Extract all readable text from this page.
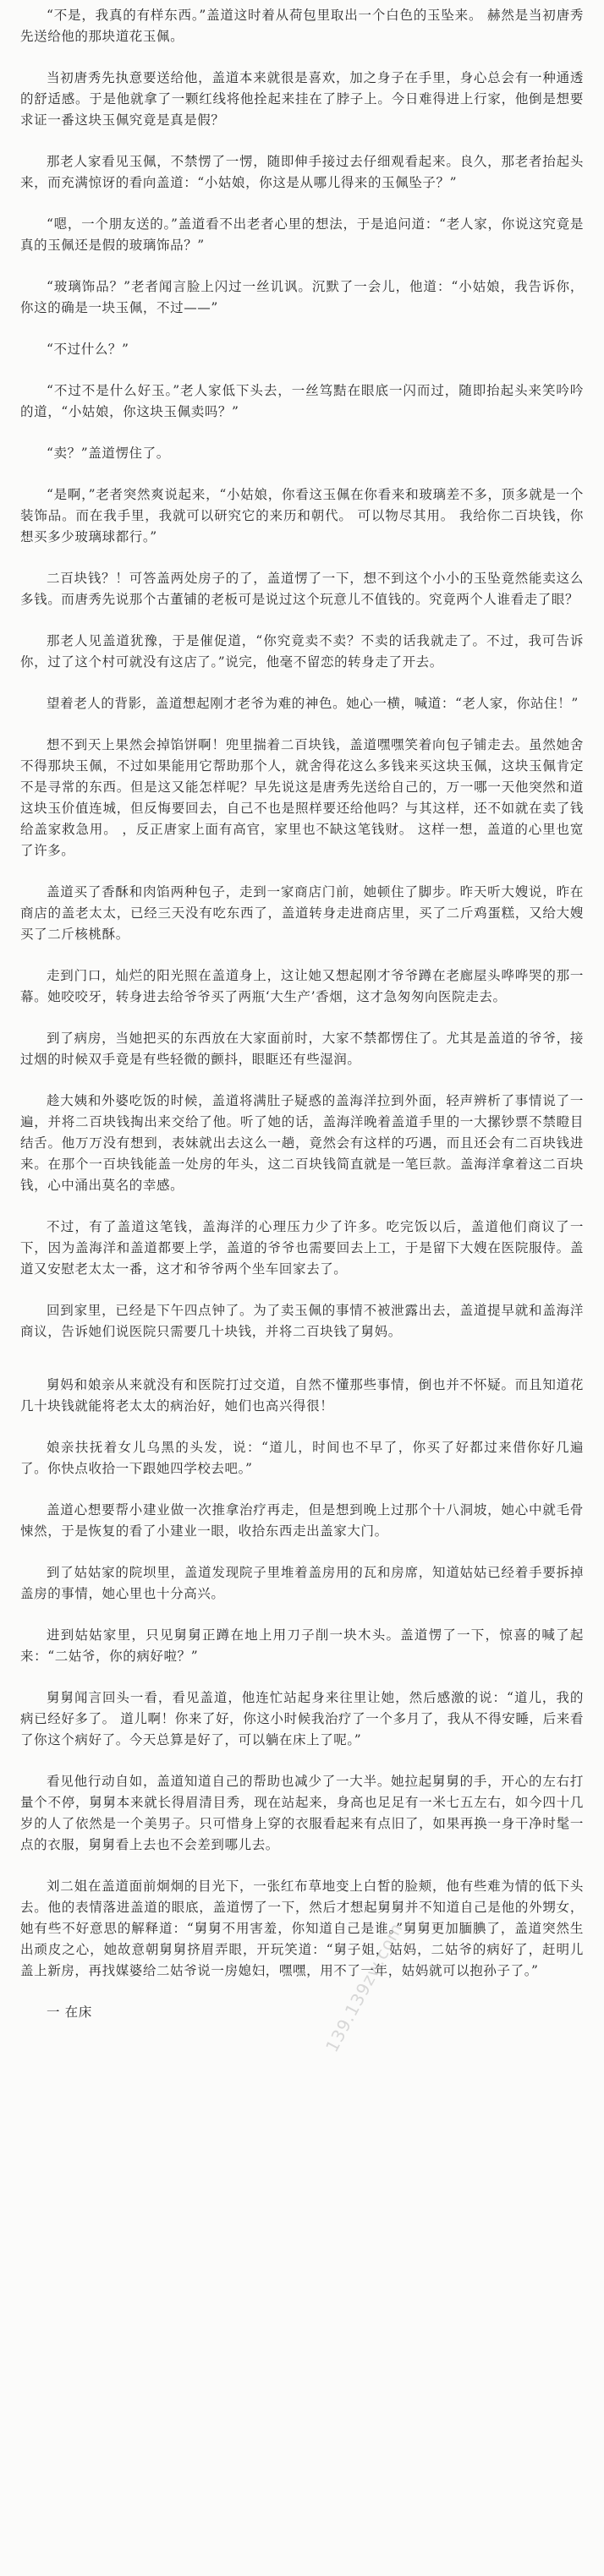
“不是，我真的有样东西。”盖道这时着从荷包里取出一个白色的玉坠来。 赫然是当初唐秀先送给他的那块道花玉佩。

当初唐秀先执意要送给他，盖道本来就很是喜欢，加之身子在手里，身心总会有一种通透的舒适感。于是他就拿了一颗红线将他拴起来挂在了脖子上。今日难得进上行家，他倒是想要求证一番这块玉佩究竟是真是假？

那老人家看见玉佩，不禁愣了一愣，随即伸手接过去仔细观看起来。良久，那老者抬起头来，而充满惊讶的看向盖道：“小姑娘，你这是从哪儿得来的玉佩坠子？”

“嗯，一个朋友送的。”盖道看不出老者心里的想法，于是追问道：“老人家，你说这究竟是真的玉佩还是假的玻璃饰品？”

“玻璃饰品？”老者闻言脸上闪过一丝讥讽。沉默了一会儿，他道：“小姑娘，我告诉你，你这的确是一块玉佩，不过——”

“不过什么？”

“不过不是什么好玉。”老人家低下头去，一丝笃黠在眼底一闪而过，随即抬起头来笑吟吟的道，“小姑娘，你这块玉佩卖吗？”

“卖？”盖道愣住了。

“是啊，”老者突然爽说起来，“小姑娘，你看这玉佩在你看来和玻璃差不多，顶多就是一个装饰品。而在我手里，我就可以研究它的来历和朝代。 可以物尽其用。 我给你二百块钱，你想买多少玻璃球都行。”

二百块钱？！可答盖两处房子的了，盖道愣了一下，想不到这个小小的玉坠竟然能卖这么多钱。而唐秀先说那个古董铺的老板可是说过这个玩意儿不值钱的。究竟两个人谁看走了眼？

那老人见盖道犹豫，于是催促道，“你究竟卖不卖？不卖的话我就走了。不过，我可告诉你，过了这个村可就没有这店了。”说完，他毫不留恋的转身走了开去。

望着老人的背影，盖道想起刚才老爷为难的神色。她心一横，喊道：“老人家，你站住！”

想不到天上果然会掉馅饼啊！兜里揣着二百块钱，盖道嘿嘿笑着向包子铺走去。虽然她舍不得那块玉佩，不过如果能用它帮助那个人，就舍得花这么多钱来买这块玉佩，这块玉佩肯定不是寻常的东西。但是这又能怎样呢？早先说这是唐秀先送给自己的，万一哪一天他突然和道这块玉价值连城，但反悔要回去，自己不也是照样要还给他吗？与其这样，还不如就在卖了钱给盖家救急用。 ，反正唐家上面有高官，家里也不缺这笔钱财。 这样一想，盖道的心里也宽了许多。

盖道买了香酥和肉馅两种包子，走到一家商店门前，她顿住了脚步。昨天听大嫂说，昨在商店的盖老太太，已经三天没有吃东西了，盖道转身走进商店里，买了二斤鸡蛋糕，又给大嫂买了二斤核桃酥。

走到门口，灿烂的阳光照在盖道身上，这让她又想起刚才爷爷蹲在老廊屋头哗哗哭的那一幕。她咬咬牙，转身进去给爷爷买了两瓶‘大生产’香烟，这才急匆匆向医院走去。

到了病房，当她把买的东西放在大家面前时，大家不禁都愣住了。尤其是盖道的爷爷，接过烟的时候双手竟是有些轻微的颤抖，眼眶还有些湿润。

趁大姨和外婆吃饭的时候，盖道将满肚子疑惑的盖海洋拉到外面，轻声辨析了事情说了一遍，并将二百块钱掏出来交给了他。听了她的话，盖海洋晚着盖道手里的一大摞钞票不禁瞪目结舌。他万万没有想到，表妹就出去这么一趟，竟然会有这样的巧遇，而且还会有二百块钱进来。在那个一百块钱能盖一处房的年头，这二百块钱简直就是一笔巨款。盖海洋拿着这二百块钱，心中涌出莫名的幸感。

不过，有了盖道这笔钱，盖海洋的心理压力少了许多。吃完饭以后，盖道他们商议了一下，因为盖海洋和盖道都要上学，盖道的爷爷也需要回去上工，于是留下大嫂在医院服侍。盖道又安慰老太太一番，这才和爷爷两个坐车回家去了。

回到家里，已经是下午四点钟了。为了卖玉佩的事情不被泄露出去，盖道提早就和盖海洋商议，告诉她们说医院只需要几十块钱，并将二百块钱了舅妈。

舅妈和娘亲从来就没有和医院打过交道，自然不懂那些事情，倒也并不怀疑。而且知道花几十块钱就能将老太太的病治好，她们也高兴得很！

娘亲扶抚着女儿乌黑的头发，说：“道儿，时间也不早了，你买了好都过来借你好几遍了。你快点收拾一下跟她四学校去吧。”

盖道心想要帮小建业做一次推拿治疗再走，但是想到晚上过那个十八洞坡，她心中就毛骨悚然，于是恢复的看了小建业一眼，收拾东西走出盖家大门。

到了姑姑家的院坝里，盖道发现院子里堆着盖房用的瓦和房席，知道姑姑已经着手要拆掉盖房的事情，她心里也十分高兴。

进到姑姑家里，只见舅舅正蹲在地上用刀子削一块木头。盖道愣了一下，惊喜的喊了起来：“二姑爷，你的病好啦？”

舅舅闻言回头一看，看见盖道，他连忙站起身来往里让她，然后感激的说：“道儿，我的病已经好多了。 道儿啊！你来了好，你这小时候我治疗了一个多月了，我从不得安睡，后来看了你这个病好了。今天总算是好了，可以躺在床上了呢。”

看见他行动自如，盖道知道自己的帮助也减少了一大半。她拉起舅舅的手，开心的左右打量个不停，舅舅本来就长得眉清目秀，现在站起来，身高也足足有一米七五左右，如今四十几岁的人了依然是一个美男子。只可惜身上穿的衣服看起来有点旧了，如果再换一身干净时髦一点的衣服，舅舅看上去也不会差到哪儿去。

刘二姐在盖道面前炯炯的目光下，一张红布草地变上白皙的脸颊，他有些难为情的低下头去。他的表情落进盖道的眼底，盖道愣了一下，然后才想起舅舅并不知道自己是他的外甥女，她有些不好意思的解释道：“舅舅不用害羞，你知道自己是谁。”舅舅更加腼腆了，盖道突然生出顽皮之心，她故意朝舅舅挤眉弄眼，开玩笑道：“舅子姐，姑妈，二姑爷的病好了，赶明儿盖上新房，再找媒婆给二姑爷说一房媳妇，嘿嘿，用不了一年，姑妈就可以抱孙子了。”

一 在床	139.139zw.com
